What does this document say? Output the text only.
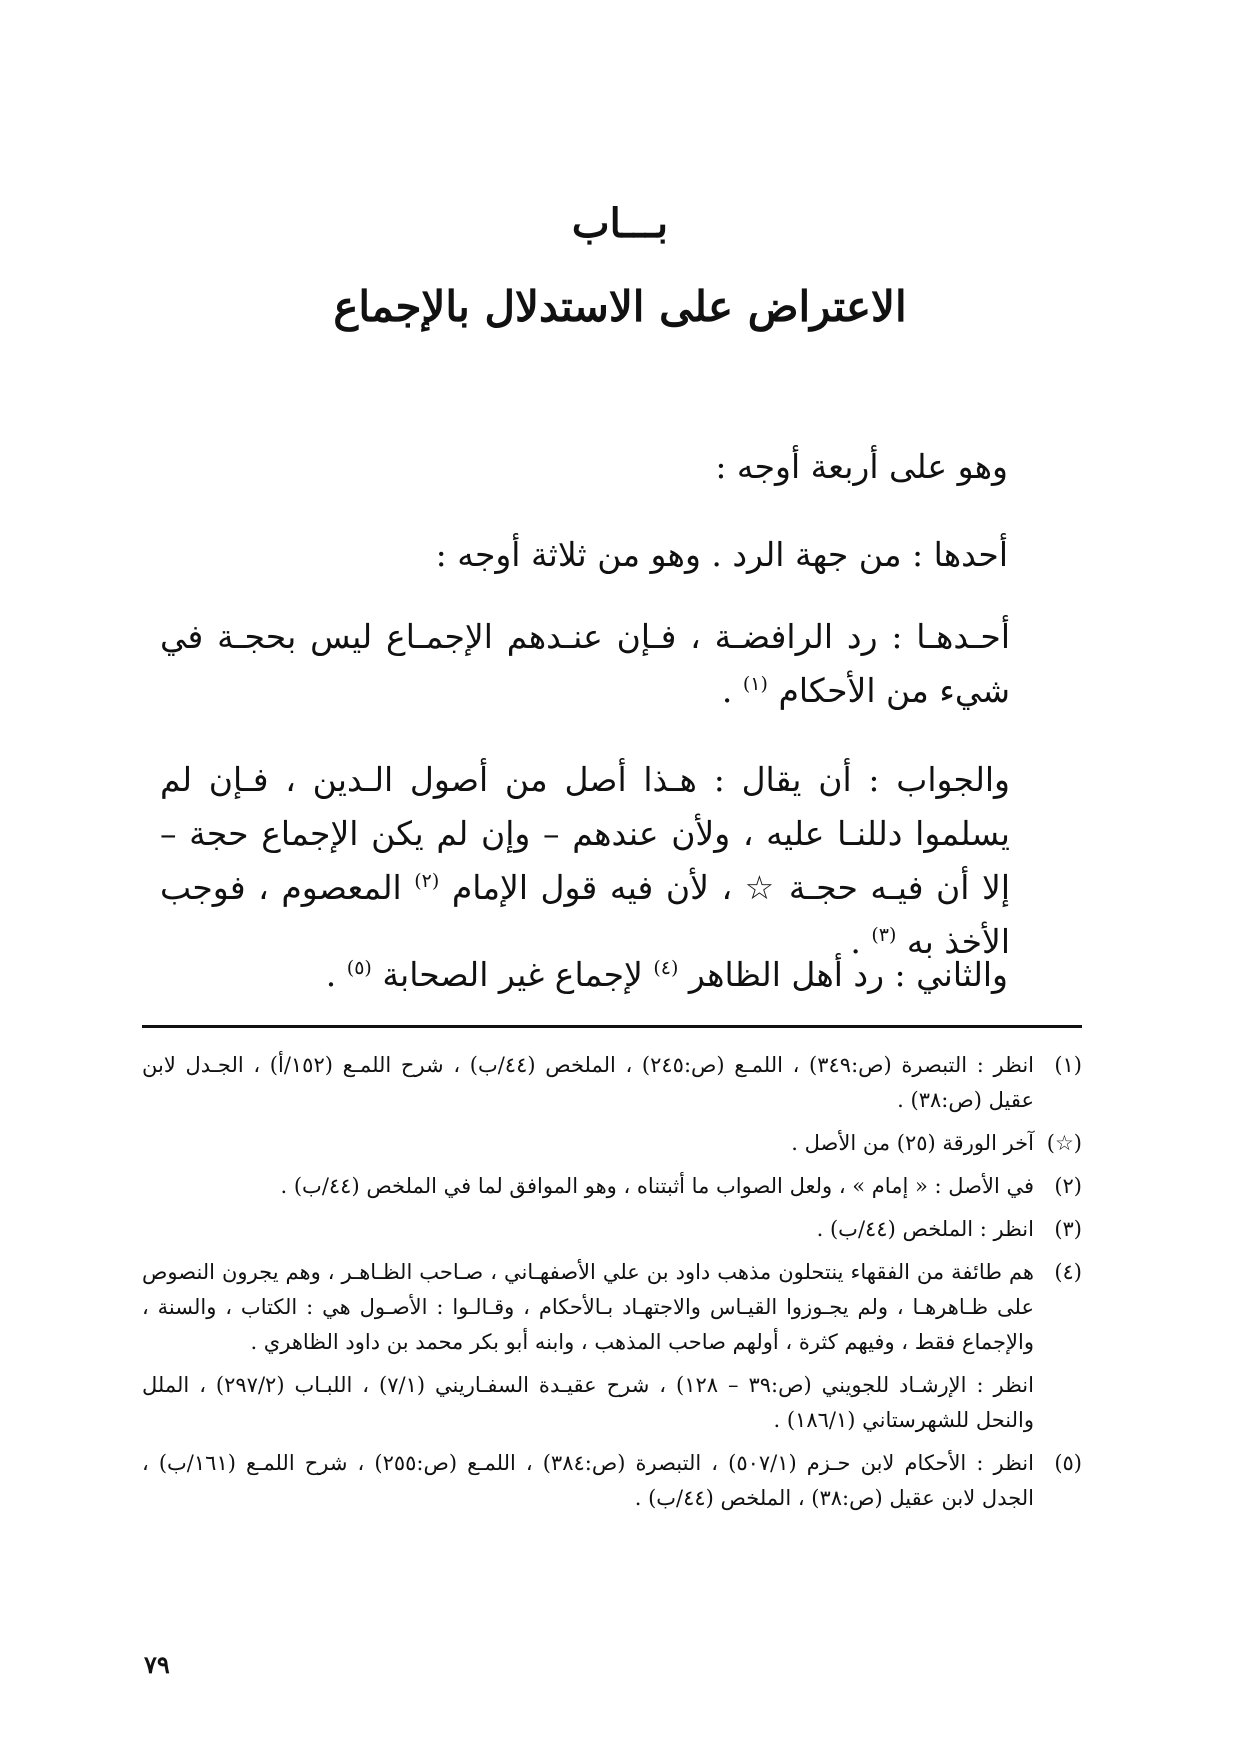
بـــاب
الاعتراض على الاستدلال بالإجماع
وهو على أربعة أوجه :
أحدها : من جهة الرد . وهو من ثلاثة أوجه :
أحـدهـا : رد الرافضـة ، فـإن عنـدهم الإجمـاع ليس بحجـة في شيء من الأحكام $^{(١)}$ .
والجواب : أن يقال : هـذا أصل من أصول الـدين ، فـإن لم يسلموا دللنـا عليه ، ولأن عندهم – وإن لم يكن الإجماع حجة – إلا أن فيـه حجـة ☆ ، لأن فيه قول الإمام $^{(٢)}$ المعصوم ، فوجب الأخذ به $^{(٣)}$ .
والثاني : رد أهل الظاهر $^{(٤)}$ لإجماع غير الصحابة $^{(٥)}$ .
(١)
انظر : التبصرة (ص:٣٤٩) ، اللمـع (ص:٢٤٥) ، الملخص (٤٤/ب) ، شرح اللمـع (١٥٢/أ) ، الجـدل لابن عقيل (ص:٣٨) .
(☆)
آخر الورقة (٢٥) من الأصل .
(٢)
في الأصل : « إمام » ، ولعل الصواب ما أثبتناه ، وهو الموافق لما في الملخص (٤٤/ب) .
(٣)
انظر : الملخص (٤٤/ب) .
(٤)
هم طائفة من الفقهاء ينتحلون مذهب داود بن علي الأصفهـاني ، صـاحب الظـاهـر ، وهم يجرون النصوص على ظـاهرهـا ، ولم يجـوزوا القيـاس والاجتهـاد بـالأحكام ، وقـالـوا : الأصـول هي : الكتاب ، والسنة ، والإجماع فقط ، وفيهم كثرة ، أولهم صاحب المذهب ، وابنه أبو بكر محمد بن داود الظاهري .
انظر : الإرشـاد للجويني (ص:٣٩ – ١٢٨) ، شرح عقيـدة السفـاريني (٧/١) ، اللبـاب (٢٩٧/٢) ، الملل والنحل للشهرستاني (١٨٦/١) .
(٥)
انظر : الأحكام لابن حـزم (٥٠٧/١) ، التبصرة (ص:٣٨٤) ، اللمـع (ص:٢٥٥) ، شرح اللمـع (١٦١/ب) ، الجدل لابن عقيل (ص:٣٨) ، الملخص (٤٤/ب) .
٧٩
